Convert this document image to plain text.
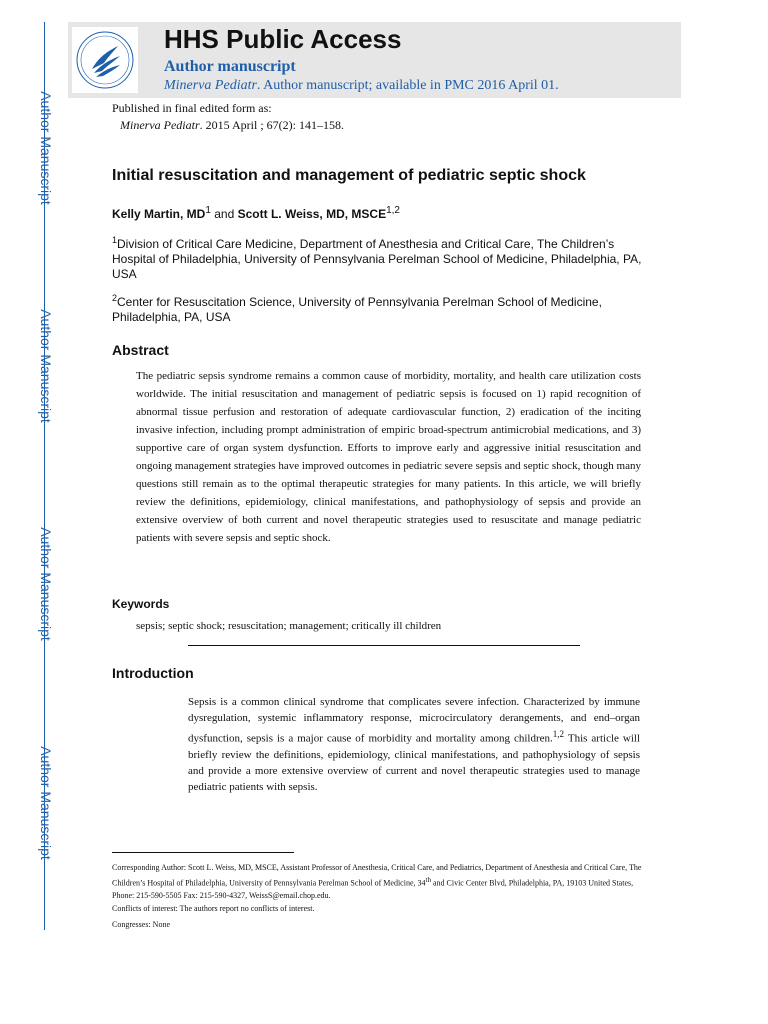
Author Manuscript
Author Manuscript
Author Manuscript
Author Manuscript
HHS Public Access
Author manuscript
Minerva Pediatr. Author manuscript; available in PMC 2016 April 01.
Published in final edited form as:
Minerva Pediatr. 2015 April ; 67(2): 141–158.
Initial resuscitation and management of pediatric septic shock
Kelly Martin, $MD^1$ and Scott L. Weiss, MD, MSCE$^{1,2}$
$^1$Division of Critical Care Medicine, Department of Anesthesia and Critical Care, The Children’s Hospital of Philadelphia, University of Pennsylvania Perelman School of Medicine, Philadelphia, PA, USA
$^2$Center for Resuscitation Science, University of Pennsylvania Perelman School of Medicine, Philadelphia, PA, USA
Abstract
The pediatric sepsis syndrome remains a common cause of morbidity, mortality, and health care utilization costs worldwide. The initial resuscitation and management of pediatric sepsis is focused on 1) rapid recognition of abnormal tissue perfusion and restoration of adequate cardiovascular function, 2) eradication of the inciting invasive infection, including prompt administration of empiric broad-spectrum antimicrobial medications, and 3) supportive care of organ system dysfunction. Efforts to improve early and aggressive initial resuscitation and ongoing management strategies have improved outcomes in pediatric severe sepsis and septic shock, though many questions still remain as to the optimal therapeutic strategies for many patients. In this article, we will briefly review the definitions, epidemiology, clinical manifestations, and pathophysiology of sepsis and provide an extensive overview of both current and novel therapeutic strategies used to resuscitate and manage pediatric patients with severe sepsis and septic shock.
Keywords
sepsis; septic shock; resuscitation; management; critically ill children
Introduction
Sepsis is a common clinical syndrome that complicates severe infection. Characterized by immune dysregulation, systemic inflammatory response, microcirculatory derangements, and end–organ dysfunction, sepsis is a major cause of morbidity and mortality among children.$^{1,2}$ This article will briefly review the definitions, epidemiology, clinical manifestations, and pathophysiology of sepsis and provide a more extensive overview of current and novel therapeutic strategies used to manage pediatric patients with sepsis.
Corresponding Author: Scott L. Weiss, MD, MSCE, Assistant Professor of Anesthesia, Critical Care, and Pediatrics, Department of Anesthesia and Critical Care, The Children’s Hospital of Philadelphia, University of Pennsylvania Perelman School of Medicine, 34th and Civic Center Blvd, Philadelphia, PA, 19103 United States, Phone: 215-590-5505 Fax: 215-590-4327, WeissS@email.chop.edu.
Conflicts of interest: The authors report no conflicts of interest.
Congresses: None
